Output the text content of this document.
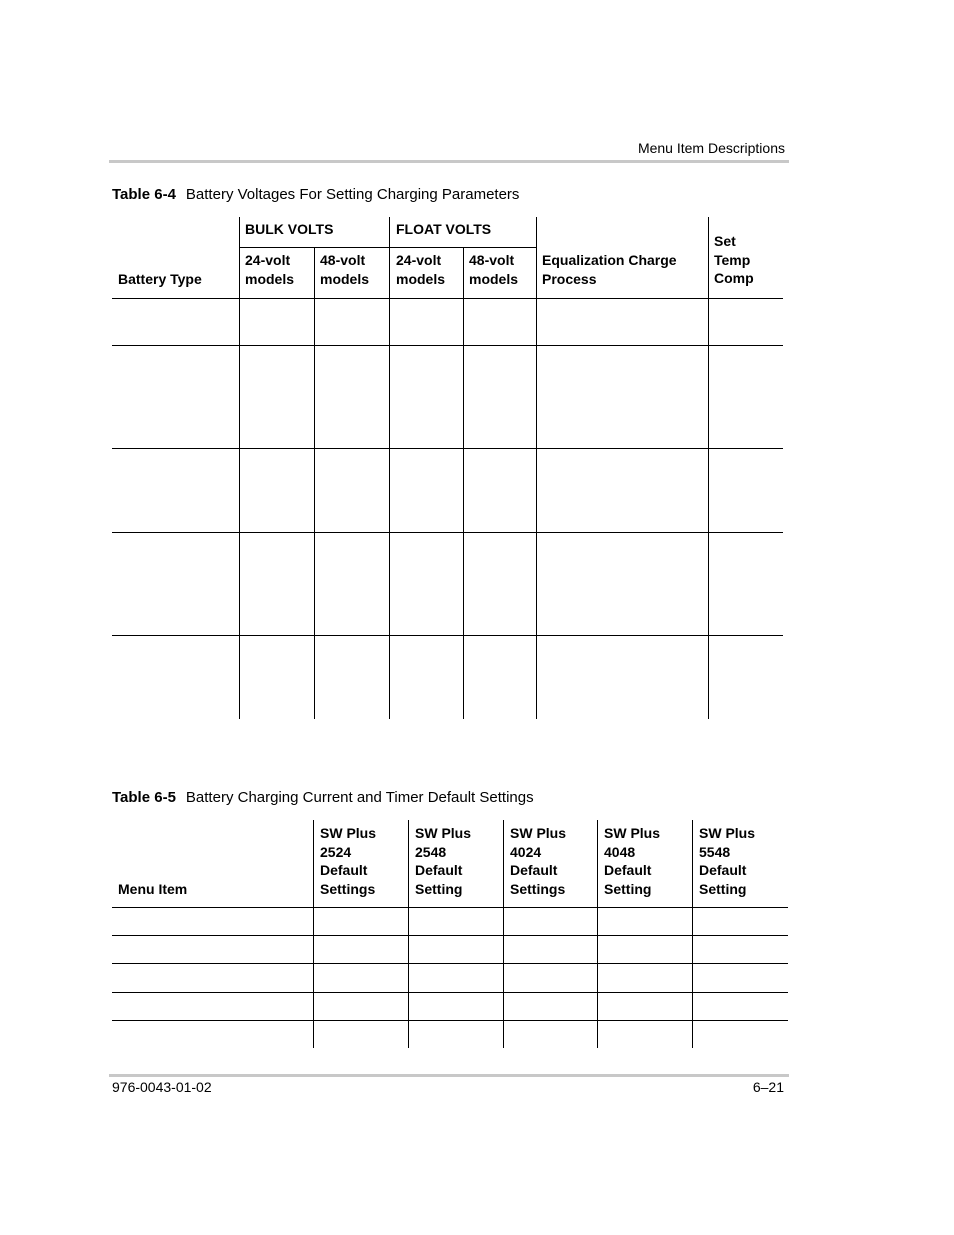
Menu Item Descriptions
Table 6-4 Battery Voltages For Setting Charging Parameters
BULK VOLTS	FLOAT VOLTS
Battery Type
24-volt models
48-volt models
24-volt models
48-volt models
Equalization Charge Process
Set Temp Comp
Table 6-5 Battery Charging Current and Timer Default Settings
Menu Item
SW Plus 2524 Default Settings
SW Plus 2548 Default Setting
SW Plus 4024 Default Settings
SW Plus 4048 Default Setting
SW Plus 5548 Default Setting
976-0043-01-02	6–21
